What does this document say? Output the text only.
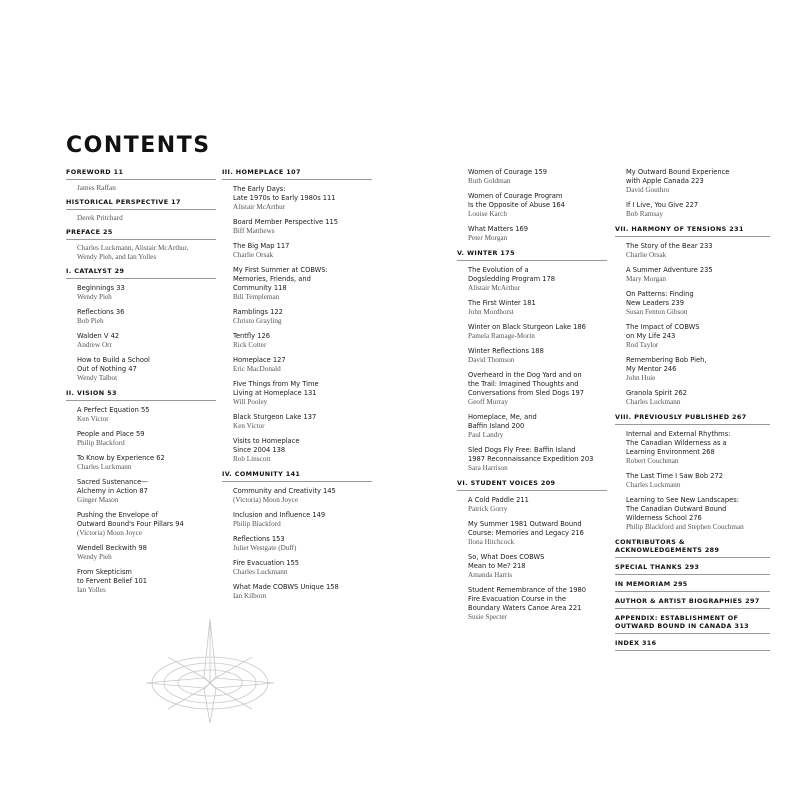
CONTENTS
FOREWORD 11
James Raffan
HISTORICAL PERSPECTIVE 17
Derek Pritchard
PREFACE 25
Charles Luckmann, Alistair McArthur,
Wendy Pieh, and Ian Yolles
I. CATALYST 29
Beginnings 33
Wendy Pieh
Reflections 36
Bob Pieh
Walden V 42
Andrew Orr
How to Build a School
Out of Nothing 47
Wendy Talbot
II. VISION 53
A Perfect Equation 55
Ken Victor
People and Place 59
Philip Blackford
To Know by Experience 62
Charles Luckmann
Sacred Sustenance—
Alchemy in Action 87
Ginger Mason
Pushing the Envelope of
Outward Bound's Four Pillars 94
(Victoria) Moon Joyce
Wendell Beckwith 98
Wendy Pieh
From Skepticism
to Fervent Belief 101
Ian Yolles
III. HOMEPLACE 107
The Early Days:
Late 1970s to Early 1980s 111
Alistair McArthur
Board Member Perspective 115
Biff Matthews
The Big Map 117
Charlie Orsak
My First Summer at COBWS:
Memories, Friends, and
Community 118
Bill Templeman
Ramblings 122
Christo Grayling
Tentfly 126
Rick Cotter
Homeplace 127
Eric MacDonald
Five Things from My Time
Living at Homeplace 131
Will Pooley
Black Sturgeon Lake 137
Ken Victor
Visits to Homeplace
Since 2004 138
Rob Linscott
IV. COMMUNITY 141
Community and Creativity 145
(Victoria) Moon Joyce
Inclusion and Influence 149
Philip Blackford
Reflections 153
Juliet Westgate (Duff)
Fire Evacuation 155
Charles Luckmann
What Made COBWS Unique 158
Ian Kilborn
Women of Courage 159
Ruth Goldman
Women of Courage Program
Is the Opposite of Abuse 164
Louise Karch
What Matters 169
Peter Morgan
V. WINTER 175
The Evolution of a
Dogsledding Program 178
Alistair McArthur
The First Winter 181
John Mordhorst
Winter on Black Sturgeon Lake 186
Pamela Ramage-Morin
Winter Reflections 188
David Thomson
Overheard in the Dog Yard and on
the Trail: Imagined Thoughts and
Conversations from Sled Dogs 197
Geoff Murray
Homeplace, Me, and
Baffin Island 200
Paul Landry
Sled Dogs Fly Free: Baffin Island
1987 Reconnaissance Expedition 203
Sara Harrison
VI. STUDENT VOICES 209
A Cold Paddle 211
Patrick Gorry
My Summer 1981 Outward Bound
Course: Memories and Legacy 216
Ilona Hitchcock
So, What Does COBWS
Mean to Me? 218
Amanda Harris
Student Remembrance of the 1980
Fire Evacuation Course in the
Boundary Waters Canoe Area 221
Susie Specter
My Outward Bound Experience
with Apple Canada 223
David Gouthro
If I Live, You Give 227
Bob Ramsay
VII. HARMONY OF TENSIONS 231
The Story of the Bear 233
Charlie Orsak
A Summer Adventure 235
Mary Morgan
On Patterns: Finding
New Leaders 239
Susan Fenton Gibson
The Impact of COBWS
on My Life 243
Rod Taylor
Remembering Bob Pieh,
My Mentor 246
John Huie
Granola Spirit 262
Charles Luckmann
VIII. PREVIOUSLY PUBLISHED 267
Internal and External Rhythms:
The Canadian Wilderness as a
Learning Environment 268
Robert Couchman
The Last Time I Saw Bob 272
Charles Luckmann
Learning to See New Landscapes:
The Canadian Outward Bound
Wilderness School 276
Philip Blackford and Stephen Couchman
CONTRIBUTORS & ACKNOWLEDGEMENTS 289
SPECIAL THANKS 293
IN MEMORIAM 295
AUTHOR & ARTIST BIOGRAPHIES 297
APPENDIX: ESTABLISHMENT OF
OUTWARD BOUND IN CANADA 313
INDEX 316
